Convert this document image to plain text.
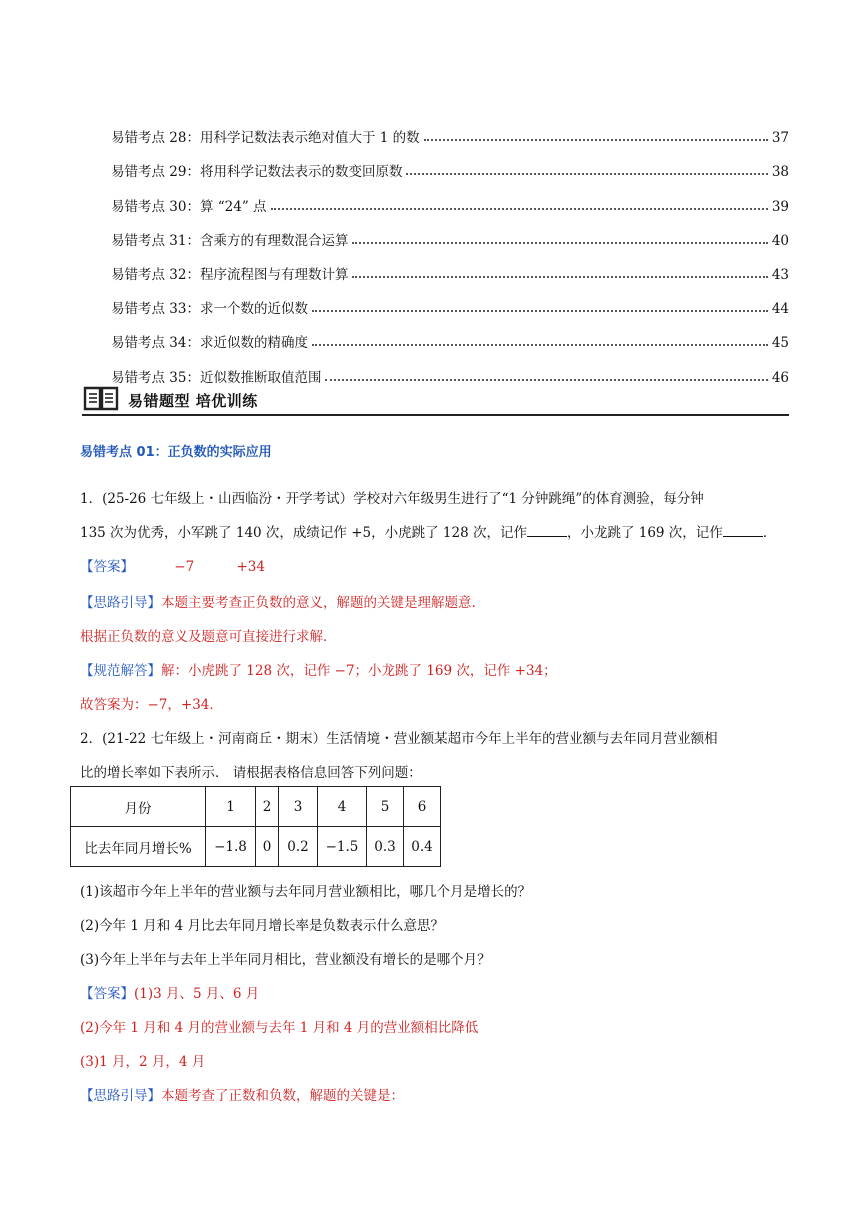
易错考点 28：用科学记数法表示绝对值大于 1 的数	37
易错考点 29：将用科学记数法表示的数变回原数	38
易错考点 30：算 “24” 点	39
易错考点 31：含乘方的有理数混合运算	40
易错考点 32：程序流程图与有理数计算	43
易错考点 33：求一个数的近似数	44
易错考点 34：求近似数的精确度	45
易错考点 35：近似数推断取值范围	46
易错题型 培优训练
易错考点 01：正负数的实际应用
1．(25-26 七年级上・山西临汾・开学考试）学校对六年级男生进行了“1 分钟跳绳”的体育测验，每分钟
135 次为优秀，小军跳了 140 次，成绩记作 +5，小虎跳了 128 次，记作	，小龙跳了 169 次，记作	．
【答案】	−7	+34
【思路引导】本题主要考查正负数的意义，解题的关键是理解题意．
根据正负数的意义及题意可直接进行求解．
【规范解答】解：小虎跳了 128 次，记作 −7；小龙跳了 169 次，记作 +34；
故答案为：−7，+34．
2．(21-22 七年级上・河南商丘・期末）生活情境・营业额某超市今年上半年的营业额与去年同月营业额相
比的增长率如下表所示． 请根据表格信息回答下列问题：
月份	1	2	3	4	5	6
比去年同月增长%	−1.8	0	0.2	−1.5	0.3	0.4
(1)该超市今年上半年的营业额与去年同月营业额相比，哪几个月是增长的？
(2)今年 1 月和 4 月比去年同月增长率是负数表示什么意思？
(3)今年上半年与去年上半年同月相比，营业额没有增长的是哪个月？
【答案】(1)3 月、5 月、6 月
(2)今年 1 月和 4 月的营业额与去年 1 月和 4 月的营业额相比降低
(3)1 月，2 月，4 月
【思路引导】本题考查了正数和负数，解题的关键是：
